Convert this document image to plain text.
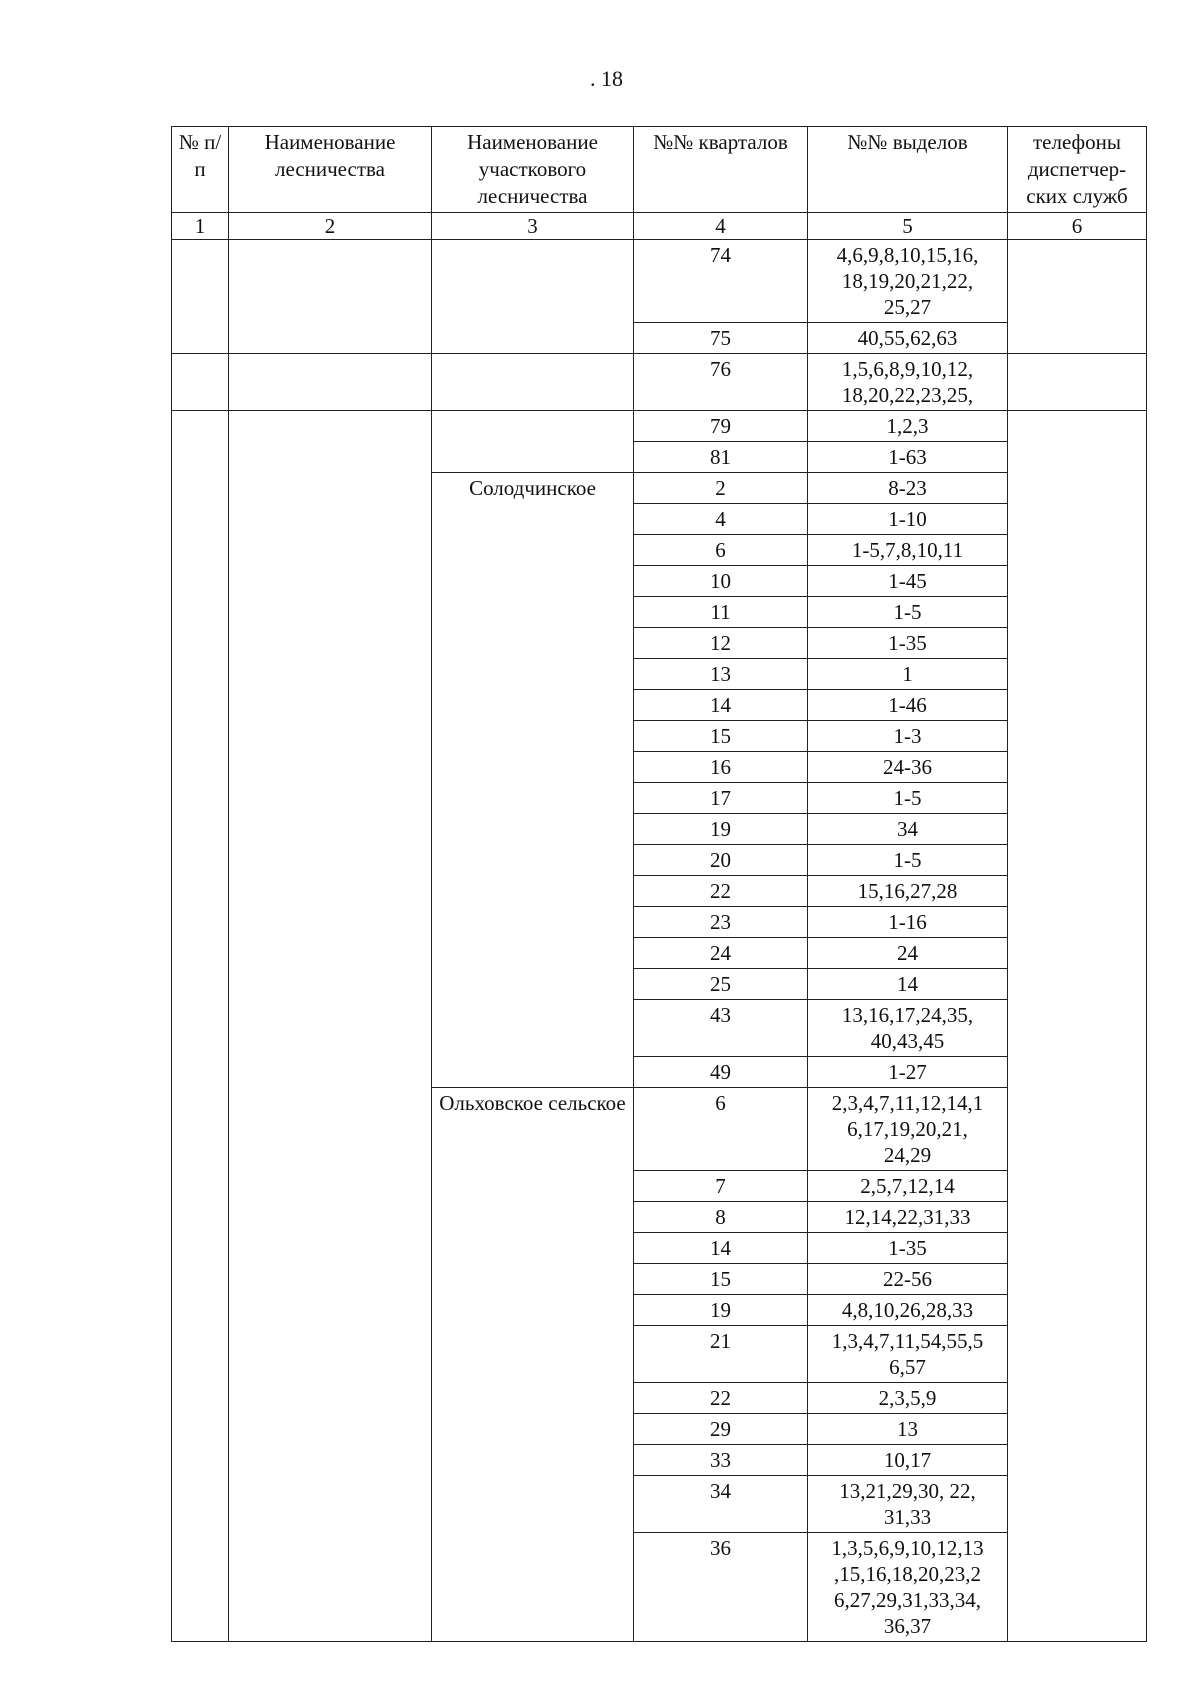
. 18
№ п/п	Наименование лесничества	Наименование участкового лесничества	№№ кварталов	№№ выделов	телефоны диспетчер-ских служб
1	2	3	4	5	6
			74	4,6,9,8,10,15,16,
18,19,20,21,22,
25,27	
			75	40,55,62,63	
			76	1,5,6,8,9,10,12,
18,20,22,23,25,	
			79	1,2,3	
			81	1-63	
		Солодчинское	2	8-23	
			4	1-10	
			6	1-5,7,8,10,11	
			10	1-45	
			11	1-5	
			12	1-35	
			13	1	
			14	1-46	
			15	1-3	
			16	24-36	
			17	1-5	
			19	34	
			20	1-5	
			22	15,16,27,28	
			23	1-16	
			24	24	
			25	14	
			43	13,16,17,24,35,
40,43,45	
			49	1-27	
		Ольховское сельское	6	2,3,4,7,11,12,14,1
6,17,19,20,21,
24,29	
			7	2,5,7,12,14	
			8	12,14,22,31,33	
			14	1-35	
			15	22-56	
			19	4,8,10,26,28,33	
			21	1,3,4,7,11,54,55,5
6,57	
			22	2,3,5,9	
			29	13	
			33	10,17	
			34	13,21,29,30, 22,
31,33	
			36	1,3,5,6,9,10,12,13
,15,16,18,20,23,2
6,27,29,31,33,34,
36,37	
